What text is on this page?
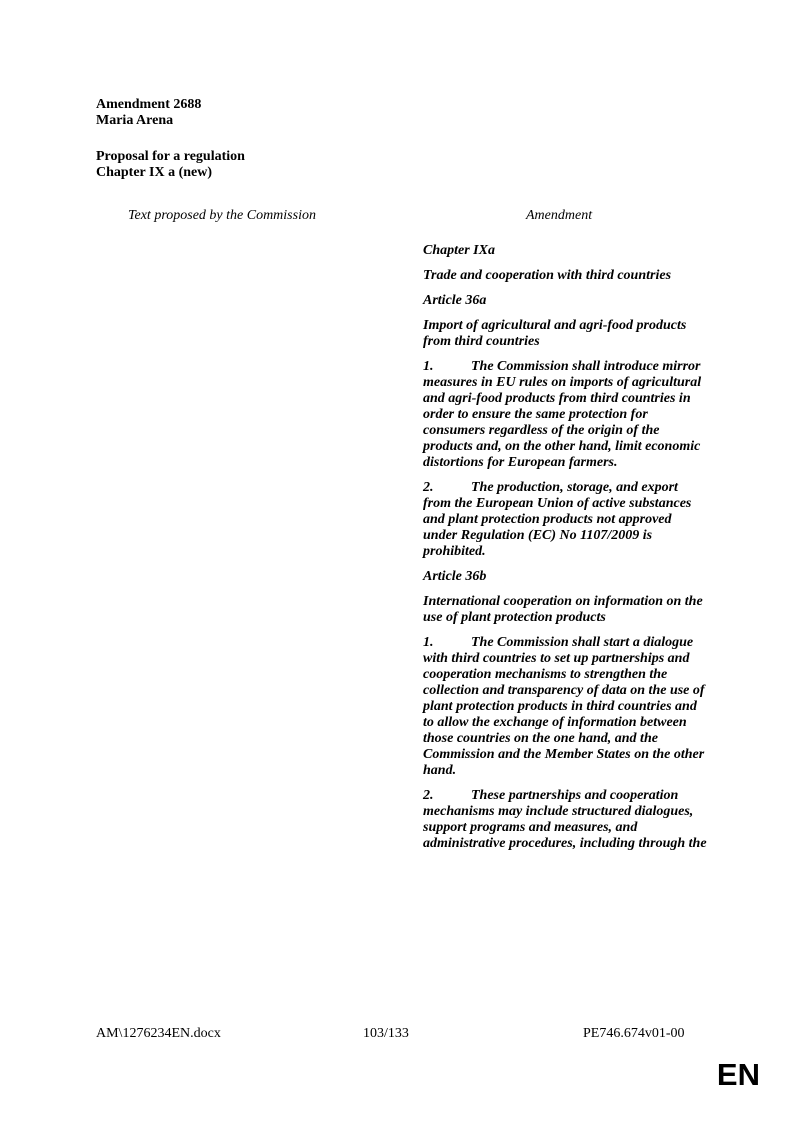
Amendment 2688
Maria Arena
Proposal for a regulation
Chapter IX a (new)
Text proposed by the Commission	Amendment

Chapter IXa

Trade and cooperation with third countries

Article 36a

Import of agricultural and agri-food products from third countries

1.	The Commission shall introduce mirror measures in EU rules on imports of agricultural and agri-food products from third countries in order to ensure the same protection for consumers regardless of the origin of the products and, on the other hand, limit economic distortions for European farmers.

2.	The production, storage, and export from the European Union of active substances and plant protection products not approved under Regulation (EC) No 1107/2009 is prohibited.

Article 36b

International cooperation on information on the use of plant protection products

1.	The Commission shall start a dialogue with third countries to set up partnerships and cooperation mechanisms to strengthen the collection and transparency of data on the use of plant protection products in third countries and to allow the exchange of information between those countries on the one hand, and the Commission and the Member States on the other hand.

2.	These partnerships and cooperation mechanisms may include structured dialogues, support programs and measures, and administrative procedures, including through the

AM\1276234EN.docx	103/133	PE746.674v01-00
EN
